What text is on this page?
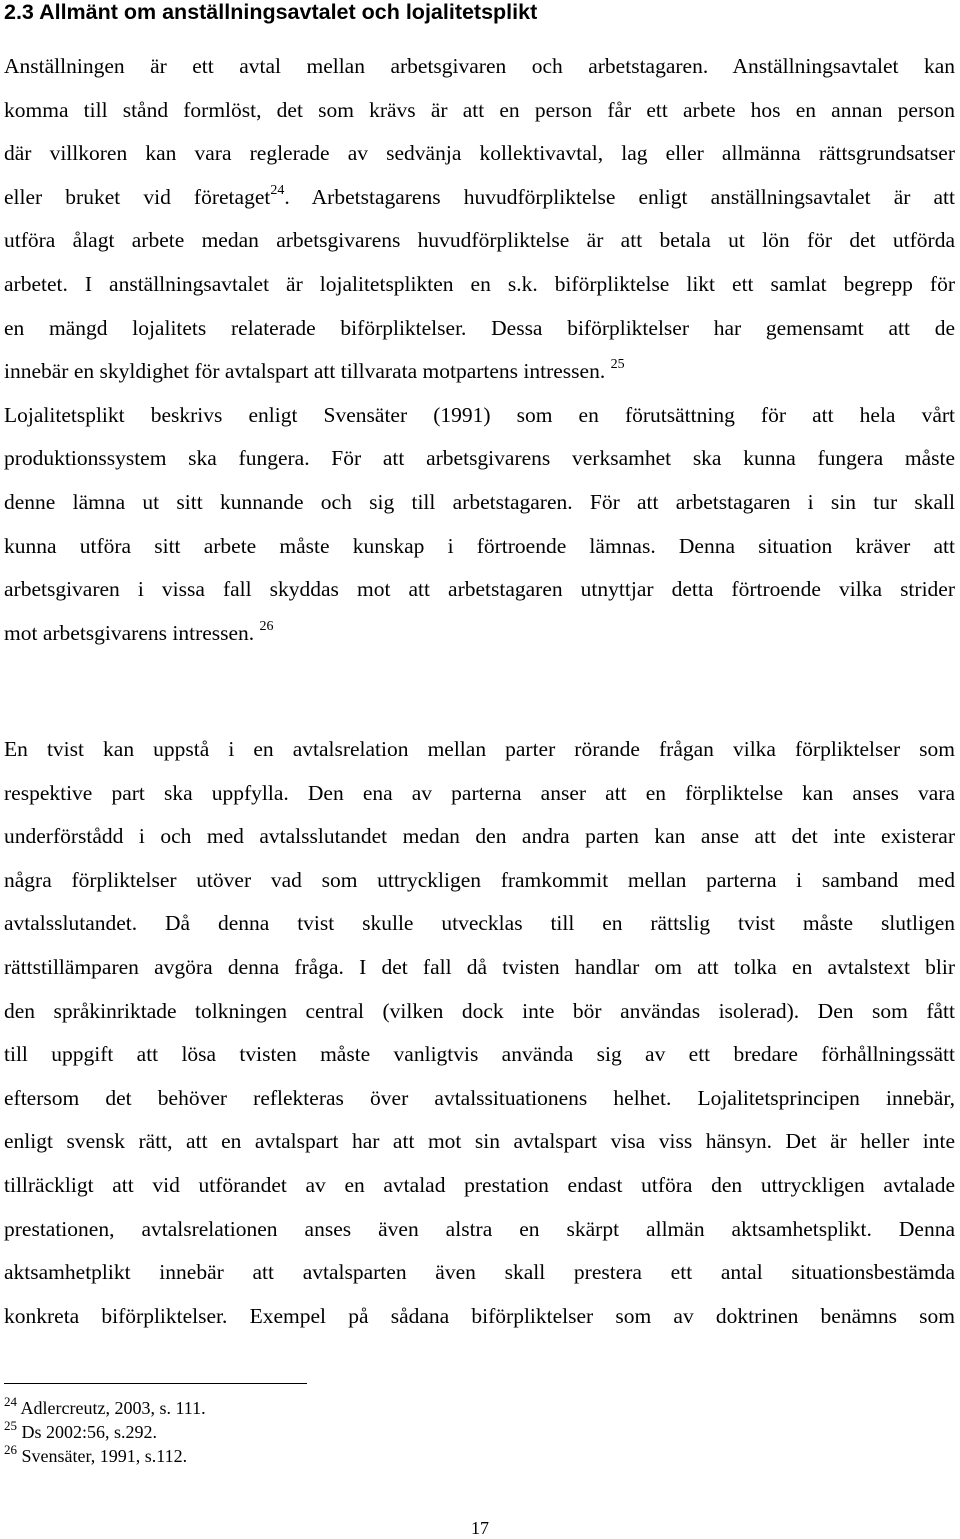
2.3 Allmänt om anställningsavtalet och lojalitetsplikt
Anställningen är ett avtal mellan arbetsgivaren och arbetstagaren. Anställningsavtalet kan
komma till stånd formlöst, det som krävs är att en person får ett arbete hos en annan person
där villkoren kan vara reglerade av sedvänja kollektivavtal, lag eller allmänna rättsgrundsatser
eller bruket vid företaget$^{24}$. Arbetstagarens huvudförpliktelse enligt anställningsavtalet är att
utföra ålagt arbete medan arbetsgivarens huvudförpliktelse är att betala ut lön för det utförda
arbetet. I anställningsavtalet är lojalitetsplikten en s.k. biförpliktelse likt ett samlat begrepp för
en mängd lojalitets relaterade biförpliktelser. Dessa biförpliktelser har gemensamt att de
innebär en skyldighet för avtalspart att tillvarata motpartens intressen. $^{25}$
Lojalitetsplikt beskrivs enligt Svensäter (1991) som en förutsättning för att hela vårt
produktionssystem ska fungera. För att arbetsgivarens verksamhet ska kunna fungera måste
denne lämna ut sitt kunnande och sig till arbetstagaren. För att arbetstagaren i sin tur skall
kunna utföra sitt arbete måste kunskap i förtroende lämnas. Denna situation kräver att
arbetsgivaren i vissa fall skyddas mot att arbetstagaren utnyttjar detta förtroende vilka strider
mot arbetsgivarens intressen. $^{26}$
En tvist kan uppstå i en avtalsrelation mellan parter rörande frågan vilka förpliktelser som
respektive part ska uppfylla. Den ena av parterna anser att en förpliktelse kan anses vara
underförstådd i och med avtalsslutandet medan den andra parten kan anse att det inte existerar
några förpliktelser utöver vad som uttryckligen framkommit mellan parterna i samband med
avtalsslutandet. Då denna tvist skulle utvecklas till en rättslig tvist måste slutligen
rättstillämparen avgöra denna fråga. I det fall då tvisten handlar om att tolka en avtalstext blir
den språkinriktade tolkningen central (vilken dock inte bör användas isolerad). Den som fått
till uppgift att lösa tvisten måste vanligtvis använda sig av ett bredare förhållningssätt
eftersom det behöver reflekteras över avtalssituationens helhet. Lojalitetsprincipen innebär,
enligt svensk rätt, att en avtalspart har att mot sin avtalspart visa viss hänsyn. Det är heller inte
tillräckligt att vid utförandet av en avtalad prestation endast utföra den uttryckligen avtalade
prestationen, avtalsrelationen anses även alstra en skärpt allmän aktsamhetsplikt. Denna
aktsamhetplikt innebär att avtalsparten även skall prestera ett antal situationsbestämda
konkreta biförpliktelser. Exempel på sådana biförpliktelser som av doktrinen benämns som
$^{24}$ Adlercreutz, 2003, s. 111.
$^{25}$ Ds 2002:56, s.292.
$^{26}$ Svensäter, 1991, s.112.
17
